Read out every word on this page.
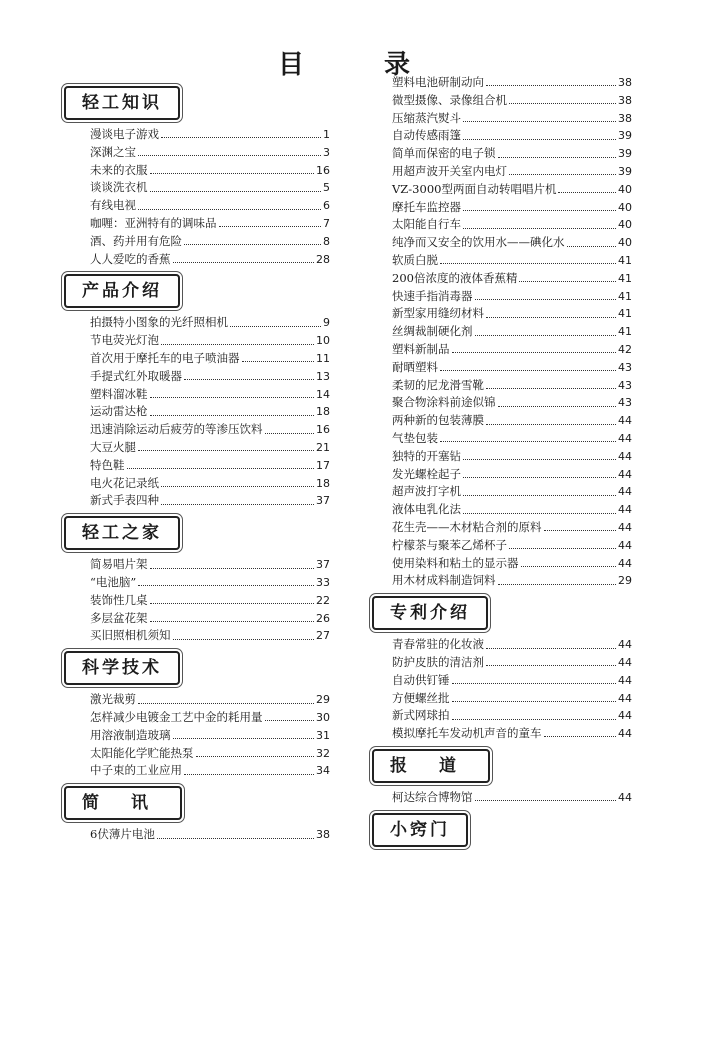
目	录
轻工知识
漫谈电子游戏	1
深渊之宝	3
未来的衣服	16
谈谈洗衣机	5
有线电视	6
咖喱：亚洲特有的调味品	7
酒、药并用有危险	8
人人爱吃的香蕉	28
产品介绍
拍摄特小图象的光纤照相机	9
节电荧光灯泡	10
首次用于摩托车的电子喷油器	11
手提式红外取暖器	13
塑料溜冰鞋	14
运动雷达枪	18
迅速消除运动后疲劳的等渗压饮料	16
大豆火腿	21
特色鞋	17
电火花记录纸	18
新式手表四种	37
轻工之家
简易唱片架	37
“电池脑”	33
装饰性几桌	22
多层盆花架	26
买旧照相机须知	27
科学技术
激光裁剪	29
怎样减少电镀金工艺中金的耗用量	30
用溶液制造玻璃	31
太阳能化学贮能热泵	32
中子束的工业应用	34
简讯
6伏薄片电池	38
塑料电池研制动向	38
微型摄像、录像组合机	38
压缩蒸汽熨斗	38
自动传感雨篷	39
简单而保密的电子锁	39
用超声波开关室内电灯	39
VZ-3000型两面自动转唱唱片机	40
摩托车监控器	40
太阳能自行车	40
纯净而又安全的饮用水——碘化水	40
软质白脱	41
200倍浓度的液体香蕉精	41
快速手指消毒器	41
新型家用缝纫材料	41
丝绸裁制硬化剂	41
塑料新制品	42
耐晒塑料	43
柔韧的尼龙滑雪靴	43
聚合物涂料前途似锦	43
两种新的包装薄膜	44
气垫包装	44
独特的开塞钻	44
发光螺栓起子	44
超声波打字机	44
液体电乳化法	44
花生壳——木材粘合剂的原料	44
柠檬茶与聚苯乙烯杯子	44
使用染料和粘土的显示器	44
用木材成料制造饲料	29
专利介绍
青春常驻的化妆液	44
防护皮肤的清洁剂	44
自动供钉锤	44
方便螺丝批	44
新式网球拍	44
模拟摩托车发动机声音的童车	44
报道
柯达综合博物馆	44
小窍门
